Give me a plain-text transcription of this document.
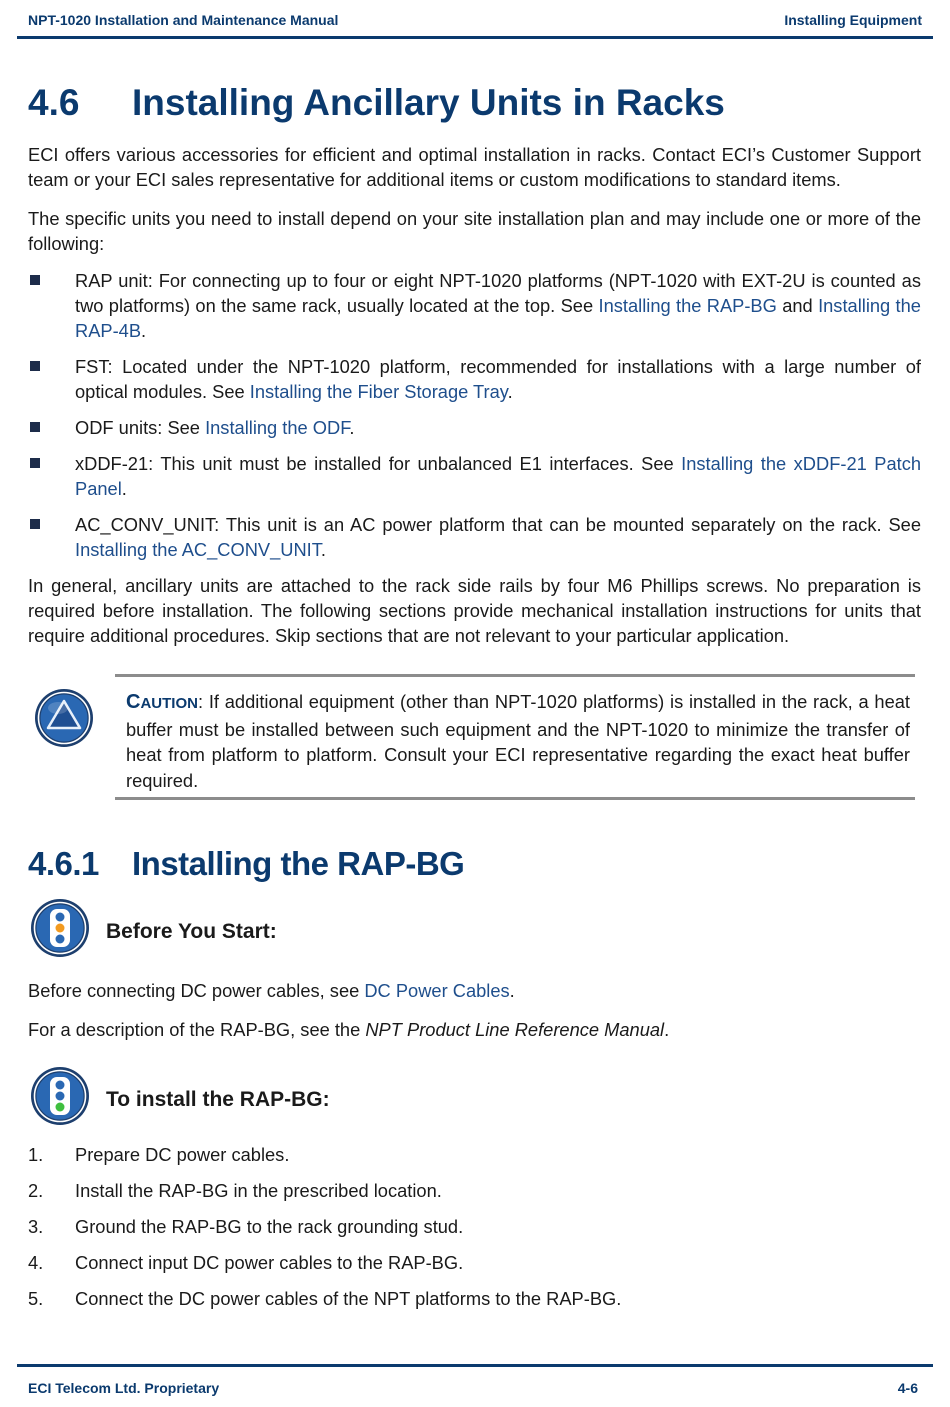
NPT-1020 Installation and Maintenance Manual	Installing Equipment
4.6 Installing Ancillary Units in Racks

ECI offers various accessories for efficient and optimal installation in racks. Contact ECI’s Customer Support team or your ECI sales representative for additional items or custom modifications to standard items.

The specific units you need to install depend on your site installation plan and may include one or more of the following:

RAP unit: For connecting up to four or eight NPT-1020 platforms (NPT-1020 with EXT-2U is counted as two platforms) on the same rack, usually located at the top. See Installing the RAP-BG and Installing the RAP-4B.
FST: Located under the NPT-1020 platform, recommended for installations with a large number of optical modules. See Installing the Fiber Storage Tray.
ODF units: See Installing the ODF.
xDDF-21: This unit must be installed for unbalanced E1 interfaces. See Installing the xDDF-21 Patch Panel.
AC_CONV_UNIT: This unit is an AC power platform that can be mounted separately on the rack. See Installing the AC_CONV_UNIT.

In general, ancillary units are attached to the rack side rails by four M6 Phillips screws. No preparation is required before installation. The following sections provide mechanical installation instructions for units that require additional procedures. Skip sections that are not relevant to your particular application.

CAUTION: If additional equipment (other than NPT-1020 platforms) is installed in the rack, a heat buffer must be installed between such equipment and the NPT-1020 to minimize the transfer of heat from platform to platform. Consult your ECI representative regarding the exact heat buffer required.
4.6.1 Installing the RAP-BG
Before You Start:

Before connecting DC power cables, see DC Power Cables.

For a description of the RAP-BG, see the NPT Product Line Reference Manual.

To install the RAP-BG:
1. Prepare DC power cables.
2. Install the RAP-BG in the prescribed location.
3. Ground the RAP-BG to the rack grounding stud.
4. Connect input DC power cables to the RAP-BG.
5. Connect the DC power cables of the NPT platforms to the RAP-BG.
ECI Telecom Ltd. Proprietary	4-6
